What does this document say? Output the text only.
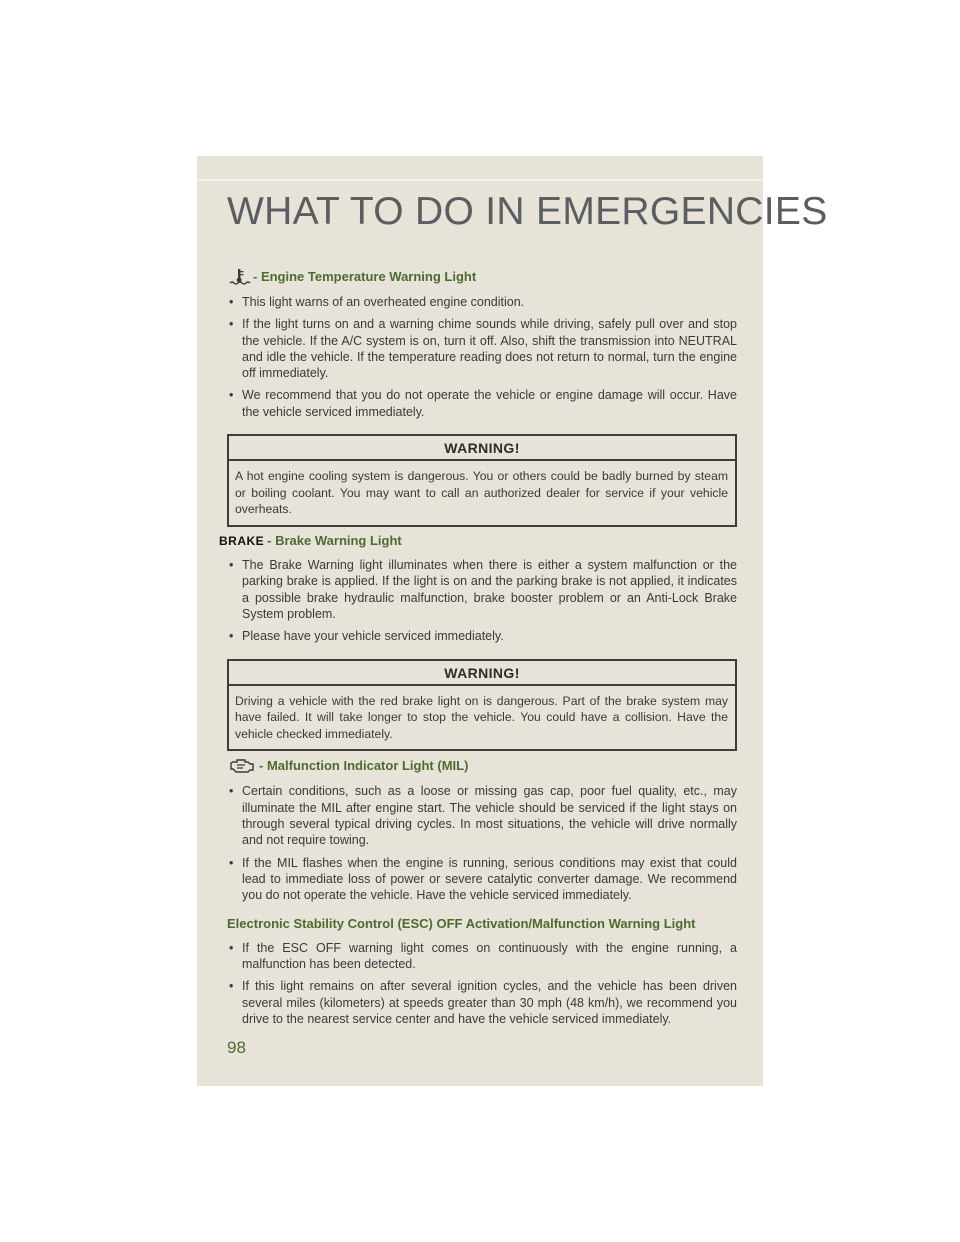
WHAT TO DO IN EMERGENCIES
- Engine Temperature Warning Light
• This light warns of an overheated engine condition.
• If the light turns on and a warning chime sounds while driving, safely pull over and stop the vehicle. If the A/C system is on, turn it off. Also, shift the transmission into NEUTRAL and idle the vehicle. If the temperature reading does not return to normal, turn the engine off immediately.
• We recommend that you do not operate the vehicle or engine damage will occur. Have the vehicle serviced immediately.
WARNING!
A hot engine cooling system is dangerous. You or others could be badly burned by steam or boiling coolant. You may want to call an authorized dealer for service if your vehicle overheats.
BRAKE - Brake Warning Light
• The Brake Warning light illuminates when there is either a system malfunction or the parking brake is applied. If the light is on and the parking brake is not applied, it indicates a possible brake hydraulic malfunction, brake booster problem or an Anti-Lock Brake System problem.
• Please have your vehicle serviced immediately.
WARNING!
Driving a vehicle with the red brake light on is dangerous. Part of the brake system may have failed. It will take longer to stop the vehicle. You could have a collision. Have the vehicle checked immediately.
- Malfunction Indicator Light (MIL)
• Certain conditions, such as a loose or missing gas cap, poor fuel quality, etc., may illuminate the MIL after engine start. The vehicle should be serviced if the light stays on through several typical driving cycles. In most situations, the vehicle will drive normally and not require towing.
• If the MIL flashes when the engine is running, serious conditions may exist that could lead to immediate loss of power or severe catalytic converter damage. We recommend you do not operate the vehicle. Have the vehicle serviced immediately.
Electronic Stability Control (ESC) OFF Activation/Malfunction Warning Light
• If the ESC OFF warning light comes on continuously with the engine running, a malfunction has been detected.
• If this light remains on after several ignition cycles, and the vehicle has been driven several miles (kilometers) at speeds greater than 30 mph (48 km/h), we recommend you drive to the nearest service center and have the vehicle serviced immediately.
98
